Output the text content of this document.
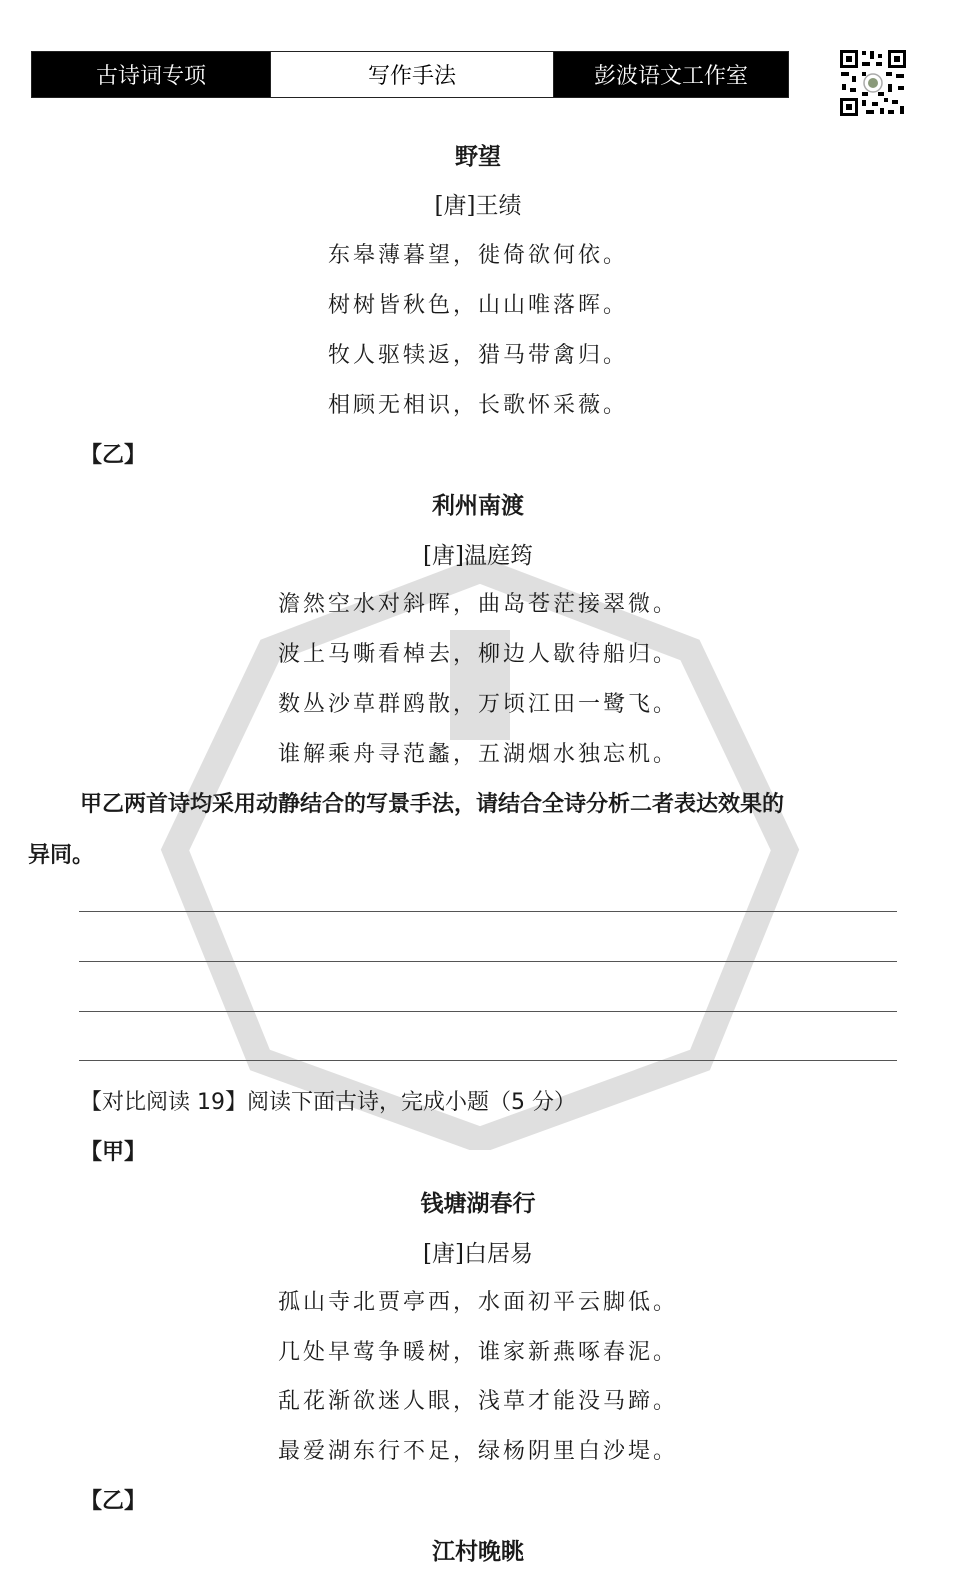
古诗词专项	写作手法	彭波语文工作室
野望
[唐]王绩
东皋薄暮望，徙倚欲何依。
树树皆秋色，山山唯落晖。
牧人驱犊返，猎马带禽归。
相顾无相识，长歌怀采薇。
【乙】
利州南渡
[唐]温庭筠
澹然空水对斜晖，曲岛苍茫接翠微。
波上马嘶看棹去，柳边人歇待船归。
数丛沙草群鸥散，万顷江田一鹭飞。
谁解乘舟寻范蠡，五湖烟水独忘机。
甲乙两首诗均采用动静结合的写景手法，请结合全诗分析二者表达效果的
异同。
【对比阅读 19】阅读下面古诗，完成小题（5 分）
【甲】
钱塘湖春行
[唐]白居易
孤山寺北贾亭西，水面初平云脚低。
几处早莺争暖树，谁家新燕啄春泥。
乱花渐欲迷人眼，浅草才能没马蹄。
最爱湖东行不足，绿杨阴里白沙堤。
【乙】
江村晚眺
